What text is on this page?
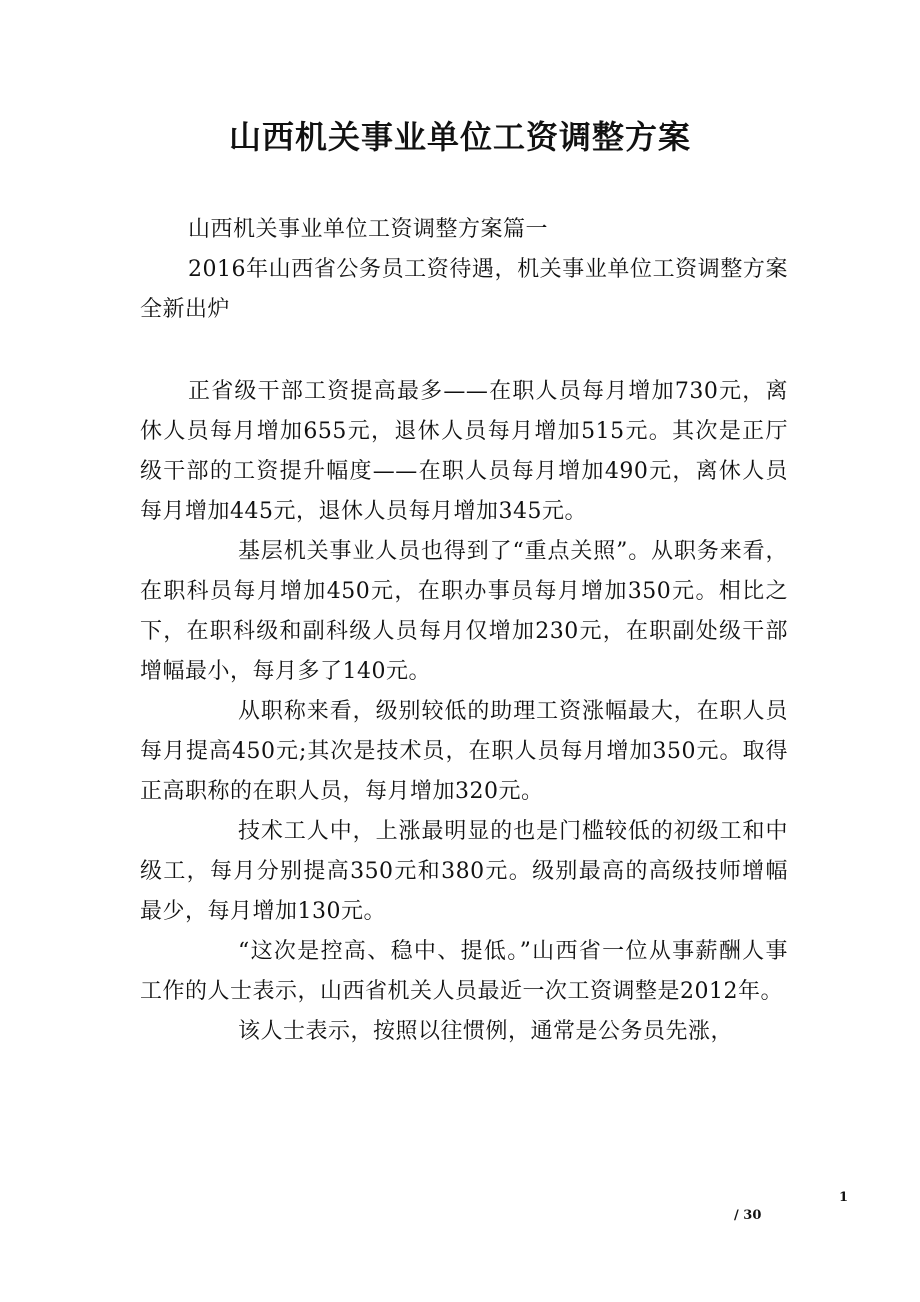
山西机关事业单位工资调整方案

山西机关事业单位工资调整方案篇一

2016年山西省公务员工资待遇，机关事业单位工资调整方案全新出炉

正省级干部工资提高最多——在职人员每月增加730元，离休人员每月增加655元，退休人员每月增加515元。其次是正厅级干部的工资提升幅度——在职人员每月增加490元，离休人员每月增加445元，退休人员每月增加345元。

基层机关事业人员也得到了“重点关照”。从职务来看，在职科员每月增加450元，在职办事员每月增加350元。相比之下，在职科级和副科级人员每月仅增加230元，在职副处级干部增幅最小，每月多了140元。

从职称来看，级别较低的助理工资涨幅最大，在职人员每月提高450元;其次是技术员，在职人员每月增加350元。取得正高职称的在职人员，每月增加320元。

技术工人中，上涨最明显的也是门槛较低的初级工和中级工，每月分别提高350元和380元。级别最高的高级技师增幅最少，每月增加130元。

“这次是控高、稳中、提低。”山西省一位从事薪酬人事工作的人士表示，山西省机关人员最近一次工资调整是2012年。

该人士表示，按照以往惯例，通常是公务员先涨，

1
/ 30
